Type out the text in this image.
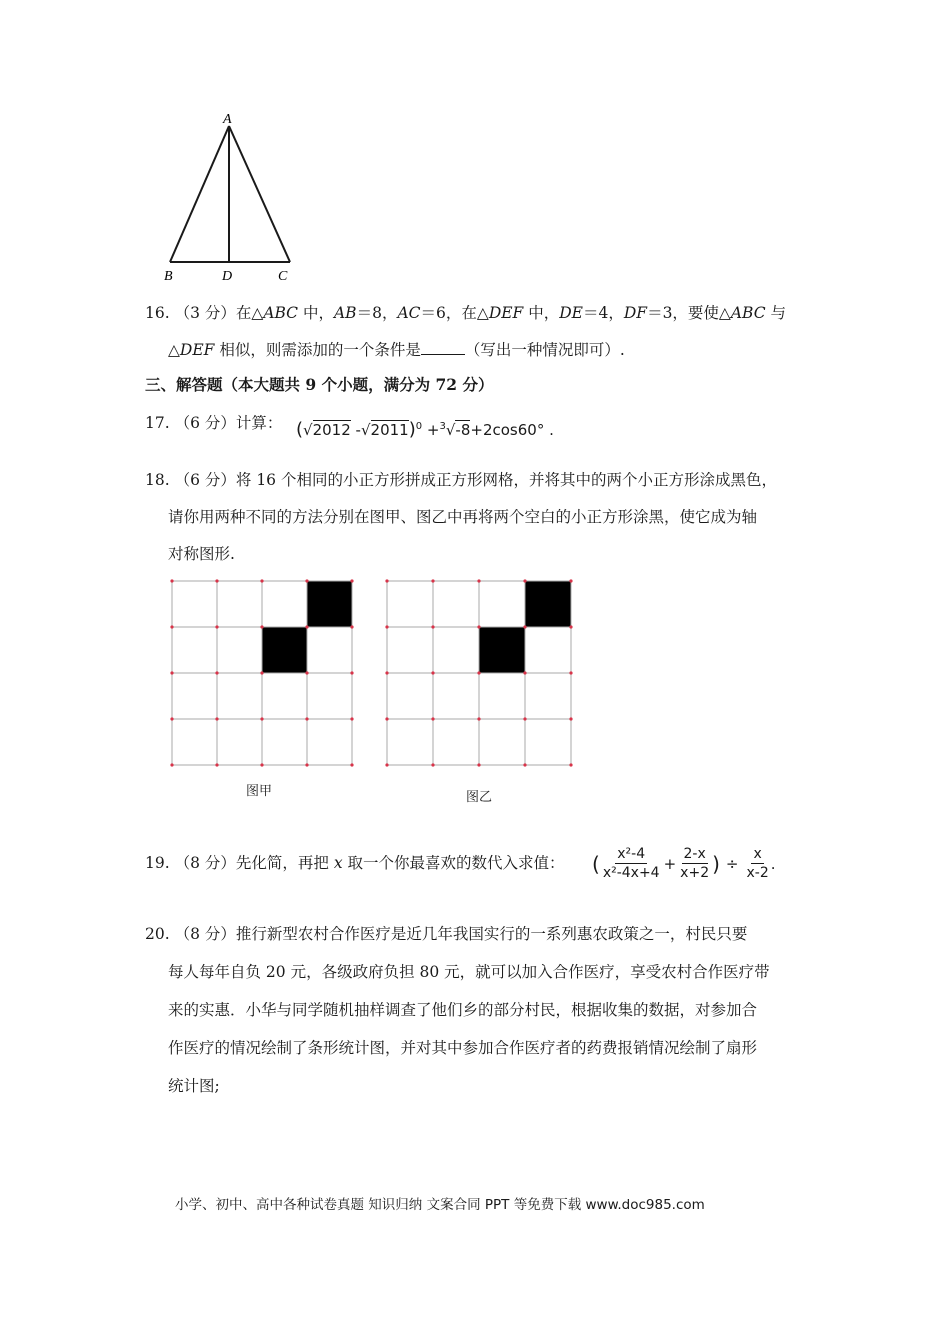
A
B	D	C
16. （3 分）在△ABC 中，AB＝8，AC＝6，在△DEF 中，DE＝4，DF＝3，要使△ABC 与
△DEF 相似，则需添加的一个条件是	（写出一种情况即可）.
三、解答题（本大题共 9 个小题，满分为 72 分）
17. （6 分）计算： (√2012 -√2011)$^0$ +$^3$√-8+2cos60° .
18. （6 分）将 16 个相同的小正方形拼成正方形网格，并将其中的两个小正方形涂成黑色，
请你用两种不同的方法分别在图甲、图乙中再将两个空白的小正方形涂黑，使它成为轴
对称图形.
图甲	图乙
19. （8 分）先化简，再把 x 取一个你最喜欢的数代入求值： ( $\frac{\text{x²-4}}{\text{x²-4x+4}} + \frac{2-x}{x+2}$ ) ÷ $\frac{x}{x-2}$ .
20. （8 分）推行新型农村合作医疗是近几年我国实行的一系列惠农政策之一，村民只要
每人每年自负 20 元，各级政府负担 80 元，就可以加入合作医疗，享受农村合作医疗带
来的实惠．小华与同学随机抽样调查了他们乡的部分村民，根据收集的数据，对参加合
作医疗的情况绘制了条形统计图，并对其中参加合作医疗者的药费报销情况绘制了扇形
统计图;
小学、初中、高中各种试卷真题 知识归纳 文案合同 PPT 等免费下载 www.doc985.com
